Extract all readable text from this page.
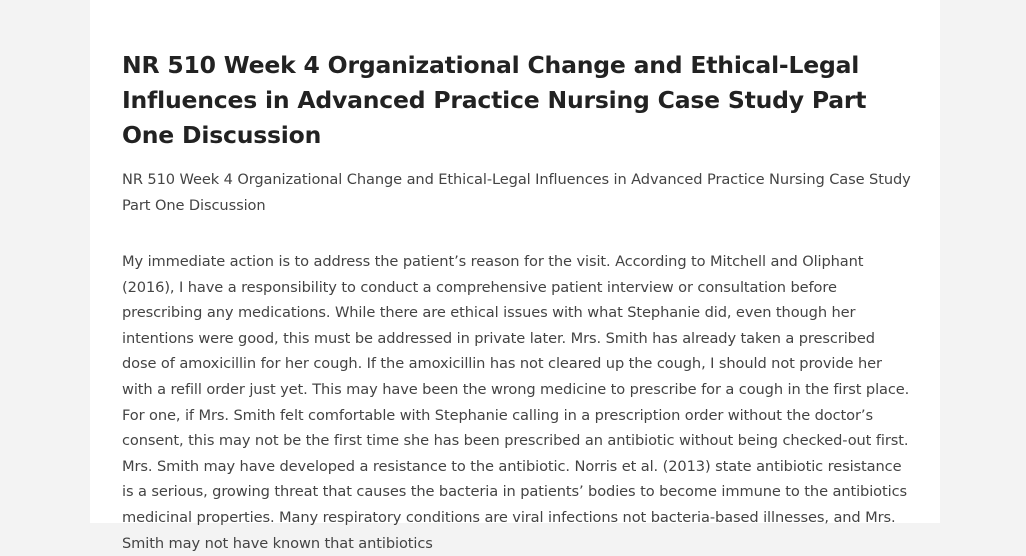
NR 510 Week 4 Organizational Change and Ethical-Legal Influences in Advanced Practice Nursing Case Study Part One Discussion

NR 510 Week 4 Organizational Change and Ethical-Legal Influences in Advanced Practice Nursing Case Study Part One Discussion

My immediate action is to address the patient’s reason for the visit. According to Mitchell and Oliphant (2016), I have a responsibility to conduct a comprehensive patient interview or consultation before prescribing any medications. While there are ethical issues with what Stephanie did, even though her intentions were good, this must be addressed in private later. Mrs. Smith has already taken a prescribed dose of amoxicillin for her cough. If the amoxicillin has not cleared up the cough, I should not provide her with a refill order just yet. This may have been the wrong medicine to prescribe for a cough in the first place. For one, if Mrs. Smith felt comfortable with Stephanie calling in a prescription order without the doctor’s consent, this may not be the first time she has been prescribed an antibiotic without being checked-out first. Mrs. Smith may have developed a resistance to the antibiotic. Norris et al. (2013) state antibiotic resistance is a serious, growing threat that causes the bacteria in patients’ bodies to become immune to the antibiotics medicinal properties. Many respiratory conditions are viral infections not bacteria-based illnesses, and Mrs. Smith may not have known that antibiotics
